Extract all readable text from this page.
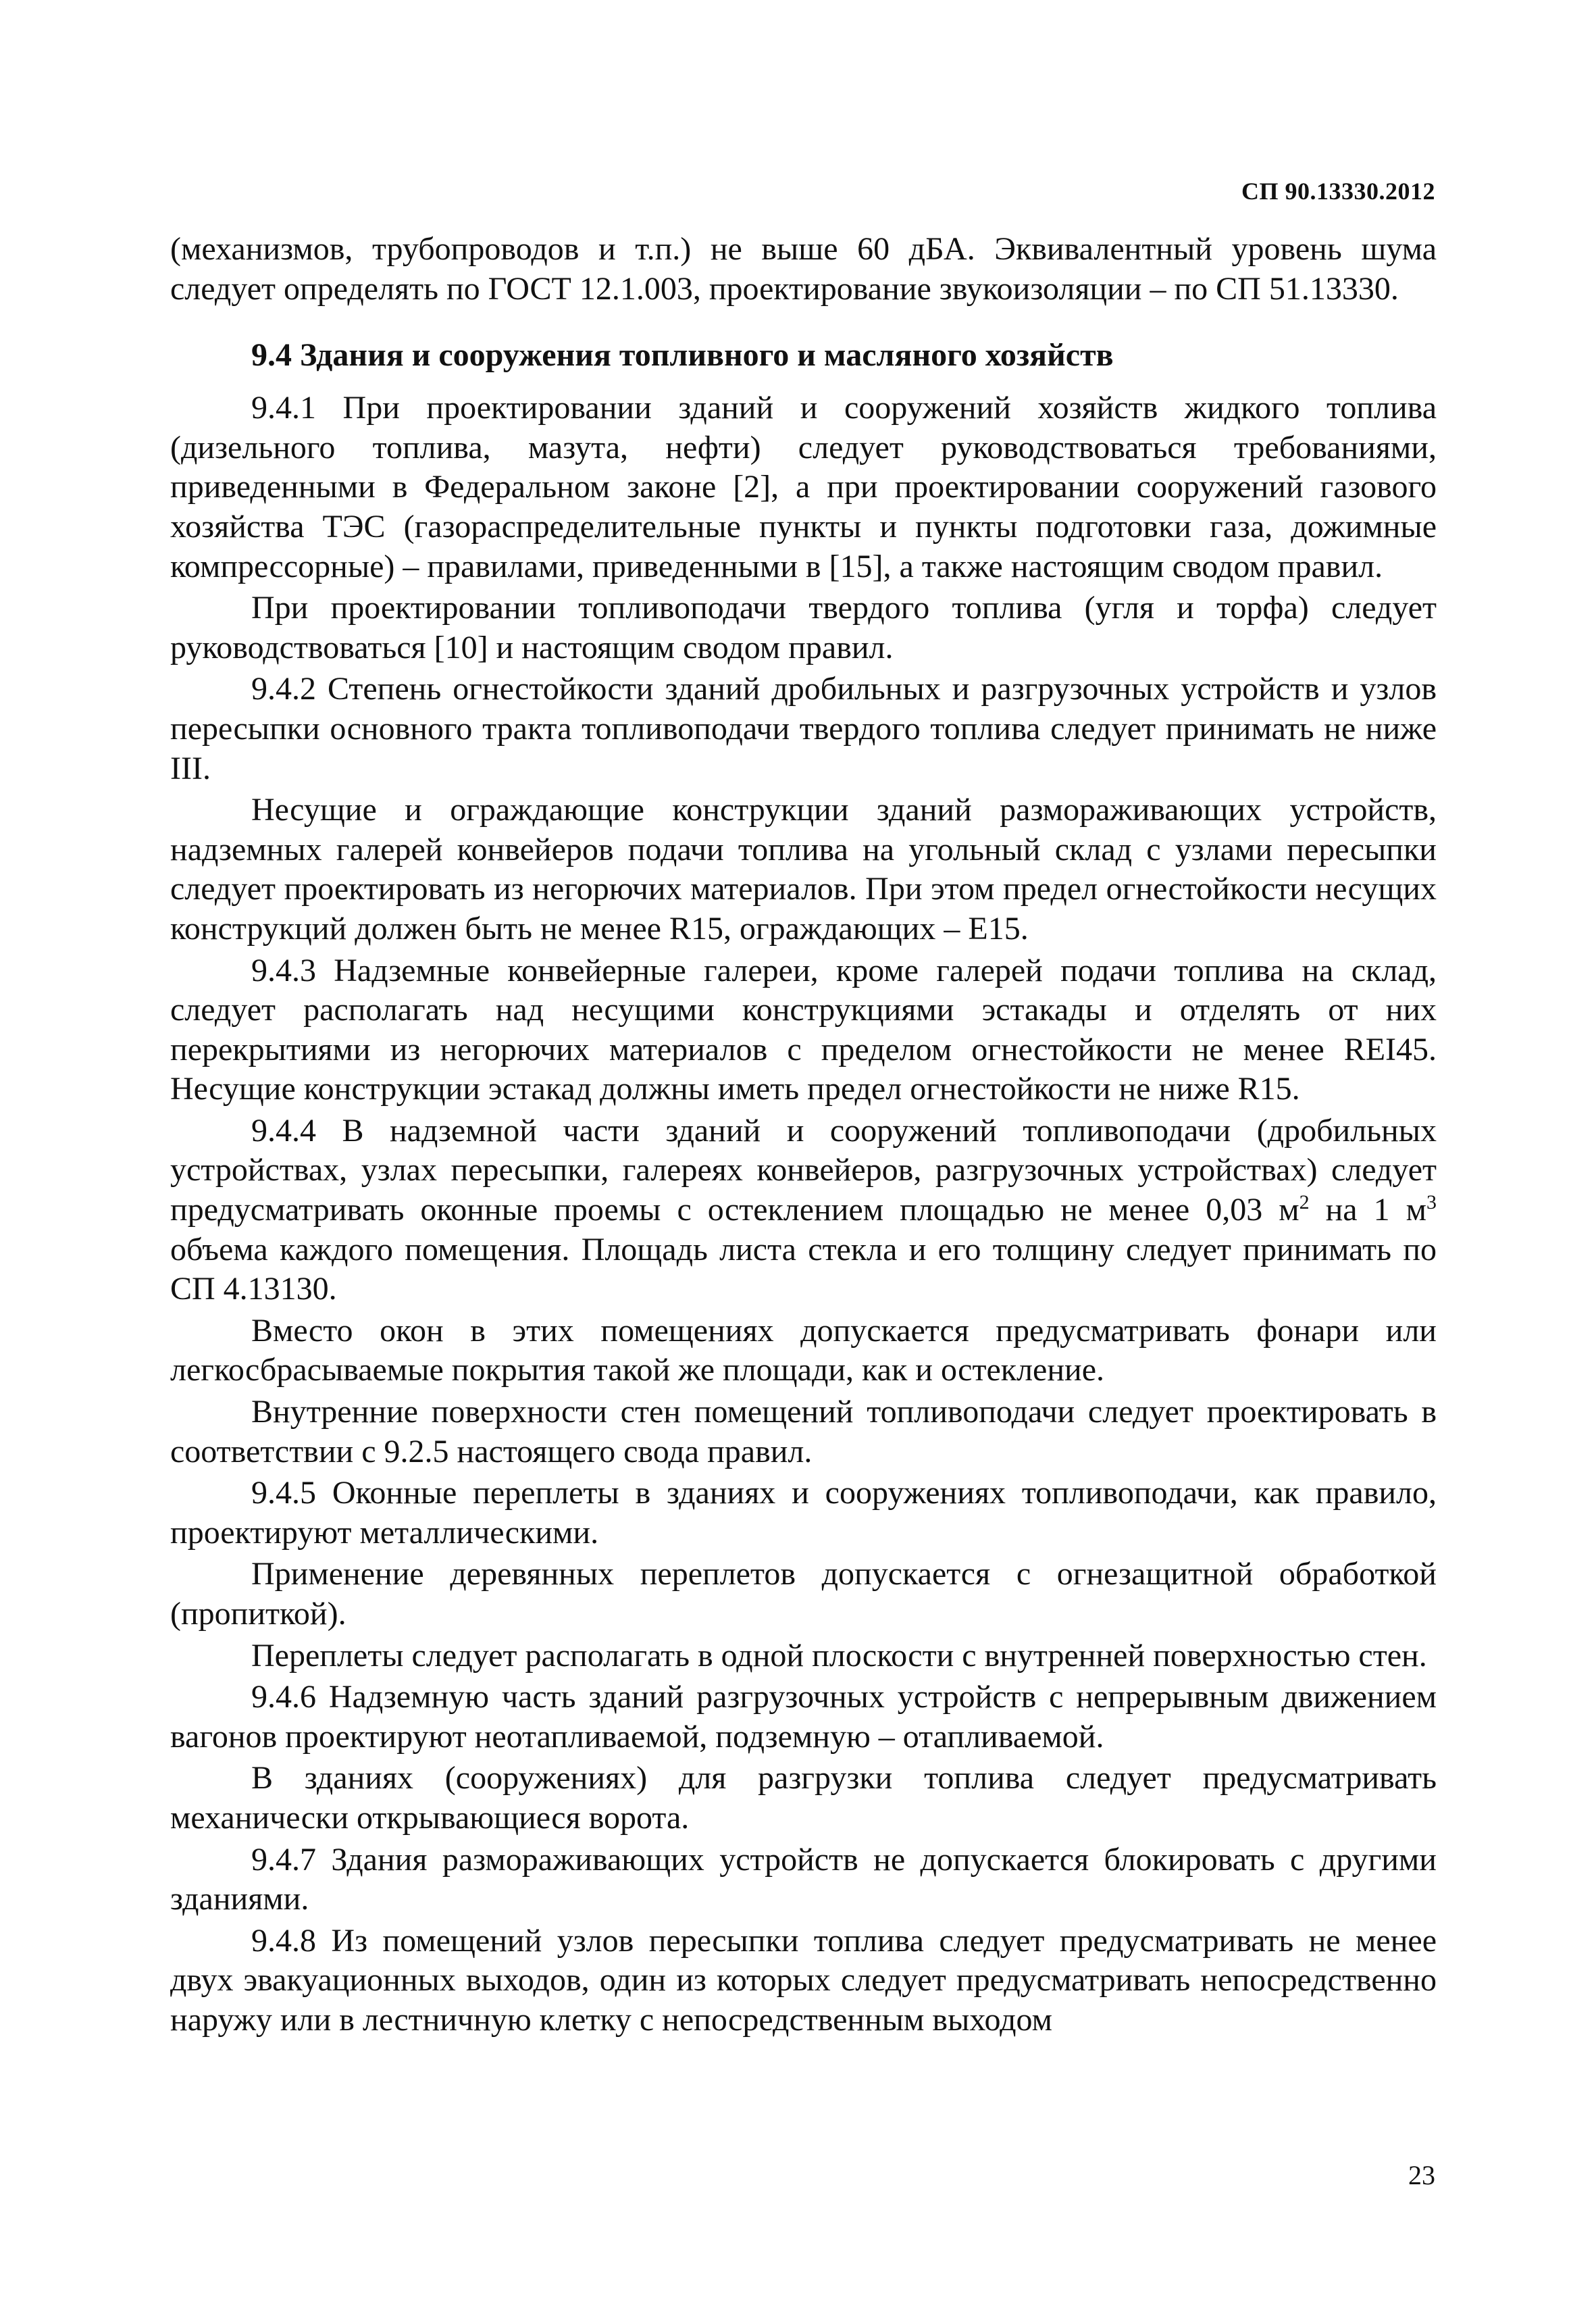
СП 90.13330.2012

(механизмов, трубопроводов и т.п.) не выше 60 дБА. Эквивалентный уровень шума следует определять по ГОСТ 12.1.003, проектирование звукоизоляции – по СП 51.13330.

9.4 Здания и сооружения топливного и масляного хозяйств

9.4.1 При проектировании зданий и сооружений хозяйств жидкого топлива (дизельного топлива, мазута, нефти) следует руководствоваться требованиями, приведенными в Федеральном законе [2], а при проектировании сооружений газового хозяйства ТЭС (газораспределительные пункты и пункты подготовки газа, дожимные компрессорные) – правилами, приведенными в [15], а также настоящим сводом правил.

При проектировании топливоподачи твердого топлива (угля и торфа) следует руководствоваться [10] и настоящим сводом правил.

9.4.2 Степень огнестойкости зданий дробильных и разгрузочных устройств и узлов пересыпки основного тракта топливоподачи твердого топлива следует принимать не ниже III.

Несущие и ограждающие конструкции зданий размораживающих устройств, надземных галерей конвейеров подачи топлива на угольный склад с узлами пересыпки следует проектировать из негорючих материалов. При этом предел огнестойкости несущих конструкций должен быть не менее R15, ограждающих – E15.

9.4.3 Надземные конвейерные галереи, кроме галерей подачи топлива на склад, следует располагать над несущими конструкциями эстакады и отделять от них перекрытиями из негорючих материалов с пределом огнестойкости не менее REI45. Несущие конструкции эстакад должны иметь предел огнестойкости не ниже R15.

9.4.4 В надземной части зданий и сооружений топливоподачи (дробильных устройствах, узлах пересыпки, галереях конвейеров, разгрузочных устройствах) следует предусматривать оконные проемы с остеклением площадью не менее 0,03 $м^2$ на 1 $м^3$ объема каждого помещения. Площадь листа стекла и его толщину следует принимать по СП 4.13130.

Вместо окон в этих помещениях допускается предусматривать фонари или легкосбрасываемые покрытия такой же площади, как и остекление.

Внутренние поверхности стен помещений топливоподачи следует проектировать в соответствии с 9.2.5 настоящего свода правил.

9.4.5 Оконные переплеты в зданиях и сооружениях топливоподачи, как правило, проектируют металлическими.

Применение деревянных переплетов допускается с огнезащитной обработкой (пропиткой).

Переплеты следует располагать в одной плоскости с внутренней поверхностью стен.

9.4.6 Надземную часть зданий разгрузочных устройств с непрерывным движением вагонов проектируют неотапливаемой, подземную – отапливаемой.

В зданиях (сооружениях) для разгрузки топлива следует предусматривать механически открывающиеся ворота.

9.4.7 Здания размораживающих устройств не допускается блокировать с другими зданиями.

9.4.8 Из помещений узлов пересыпки топлива следует предусматривать не менее двух эвакуационных выходов, один из которых следует предусматривать непосредственно наружу или в лестничную клетку с непосредственным выходом

23
